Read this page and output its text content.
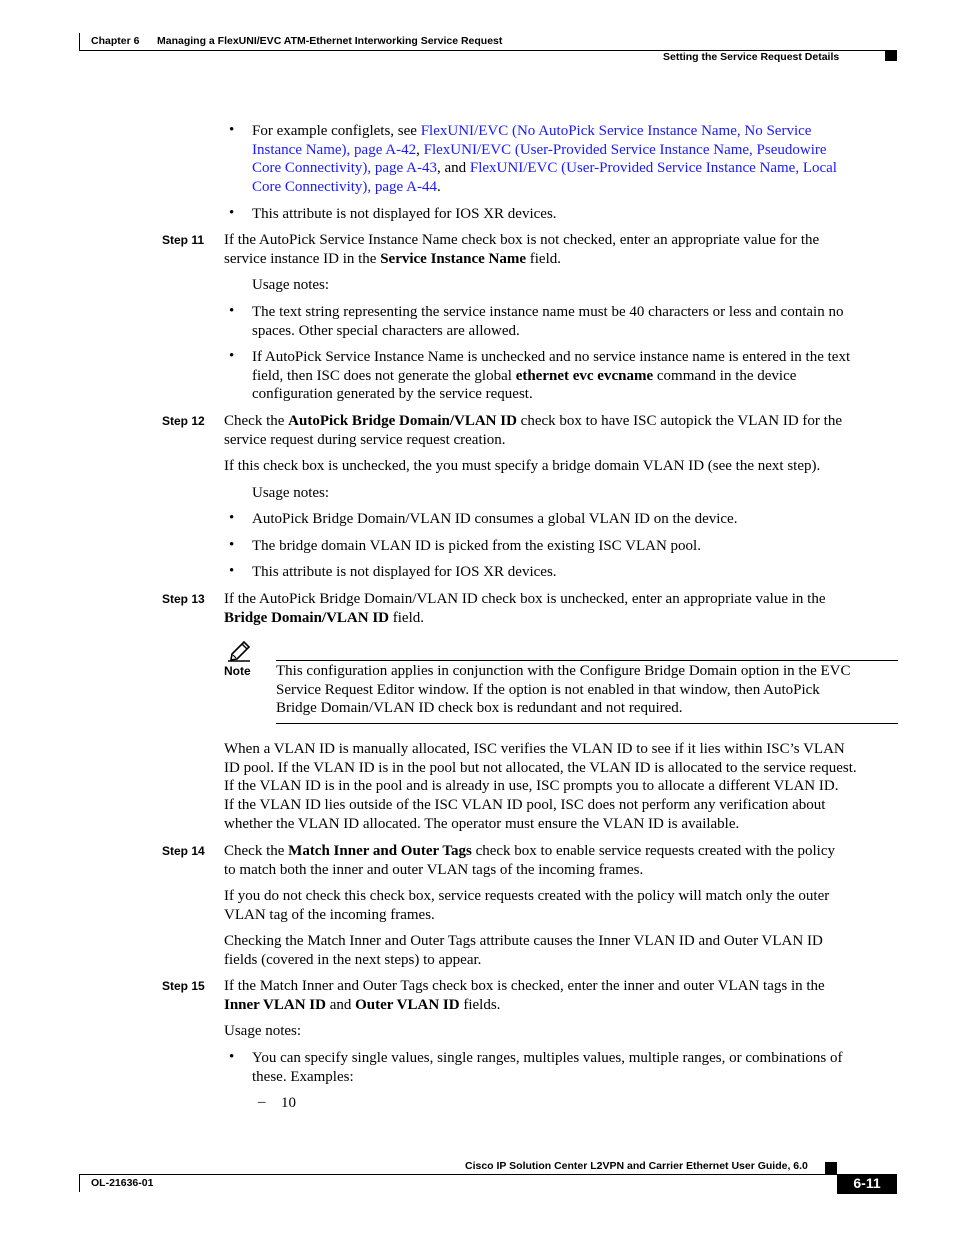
Chapter 6 Managing a FlexUNI/EVC ATM-Ethernet Interworking Service Request
Setting the Service Request Details
• For example configlets, see FlexUNI/EVC (No AutoPick Service Instance Name, No Service
Instance Name), page A-42, FlexUNI/EVC (User-Provided Service Instance Name, Pseudowire
Core Connectivity), page A-43, and FlexUNI/EVC (User-Provided Service Instance Name, Local
Core Connectivity), page A-44.
• This attribute is not displayed for IOS XR devices.
Step 11 If the AutoPick Service Instance Name check box is not checked, enter an appropriate value for the
service instance ID in the Service Instance Name field.
Usage notes:
• The text string representing the service instance name must be 40 characters or less and contain no
spaces. Other special characters are allowed.
• If AutoPick Service Instance Name is unchecked and no service instance name is entered in the text
field, then ISC does not generate the global ethernet evc evcname command in the device
configuration generated by the service request.
Step 12 Check the AutoPick Bridge Domain/VLAN ID check box to have ISC autopick the VLAN ID for the
service request during service request creation.
If this check box is unchecked, the you must specify a bridge domain VLAN ID (see the next step).
Usage notes:
• AutoPick Bridge Domain/VLAN ID consumes a global VLAN ID on the device.
• The bridge domain VLAN ID is picked from the existing ISC VLAN pool.
• This attribute is not displayed for IOS XR devices.
Step 13 If the AutoPick Bridge Domain/VLAN ID check box is unchecked, enter an appropriate value in the
Bridge Domain/VLAN ID field.
Note This configuration applies in conjunction with the Configure Bridge Domain option in the EVC
Service Request Editor window. If the option is not enabled in that window, then AutoPick
Bridge Domain/VLAN ID check box is redundant and not required.
When a VLAN ID is manually allocated, ISC verifies the VLAN ID to see if it lies within ISC’s VLAN
ID pool. If the VLAN ID is in the pool but not allocated, the VLAN ID is allocated to the service request.
If the VLAN ID is in the pool and is already in use, ISC prompts you to allocate a different VLAN ID.
If the VLAN ID lies outside of the ISC VLAN ID pool, ISC does not perform any verification about
whether the VLAN ID allocated. The operator must ensure the VLAN ID is available.
Step 14 Check the Match Inner and Outer Tags check box to enable service requests created with the policy
to match both the inner and outer VLAN tags of the incoming frames.
If you do not check this check box, service requests created with the policy will match only the outer
VLAN tag of the incoming frames.
Checking the Match Inner and Outer Tags attribute causes the Inner VLAN ID and Outer VLAN ID
fields (covered in the next steps) to appear.
Step 15 If the Match Inner and Outer Tags check box is checked, enter the inner and outer VLAN tags in the
Inner VLAN ID and Outer VLAN ID fields.
Usage notes:
• You can specify single values, single ranges, multiples values, multiple ranges, or combinations of
these. Examples:
– 10
Cisco IP Solution Center L2VPN and Carrier Ethernet User Guide, 6.0
OL-21636-01	6-11
